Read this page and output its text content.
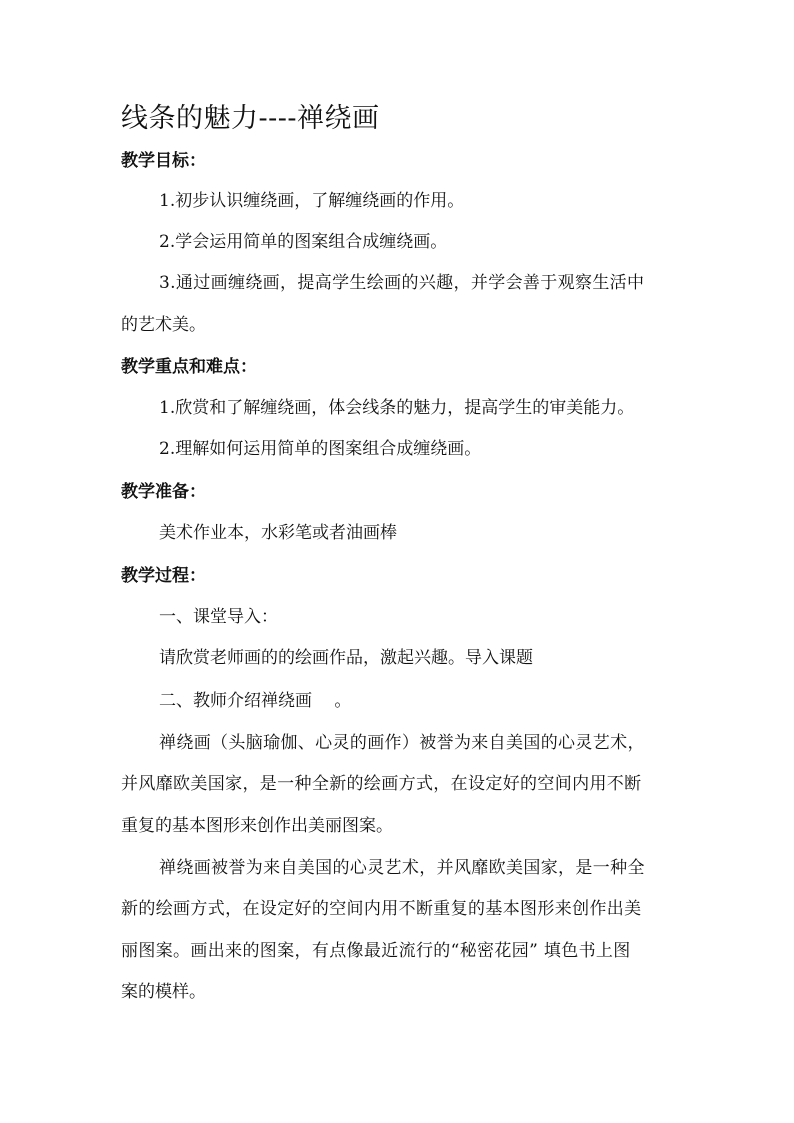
线条的魅力----禅绕画
教学目标：
1.初步认识缠绕画，了解缠绕画的作用。
2.学会运用简单的图案组合成缠绕画。
3.通过画缠绕画，提高学生绘画的兴趣，并学会善于观察生活中
的艺术美。
教学重点和难点：
1.欣赏和了解缠绕画，体会线条的魅力，提高学生的审美能力。
2.理解如何运用简单的图案组合成缠绕画。
教学准备：
美术作业本，水彩笔或者油画棒
教学过程：
一、课堂导入：
请欣赏老师画的的绘画作品，激起兴趣。导入课题
二、教师介绍禅绕画　 。
禅绕画（头脑瑜伽、心灵的画作）被誉为来自美国的心灵艺术，
并风靡欧美国家，是一种全新的绘画方式，在设定好的空间内用不断
重复的基本图形来创作出美丽图案。
禅绕画被誉为来自美国的心灵艺术，并风靡欧美国家，是一种全
新的绘画方式，在设定好的空间内用不断重复的基本图形来创作出美
丽图案。画出来的图案，有点像最近流行的“秘密花园” 填色书上图
案的模样。
